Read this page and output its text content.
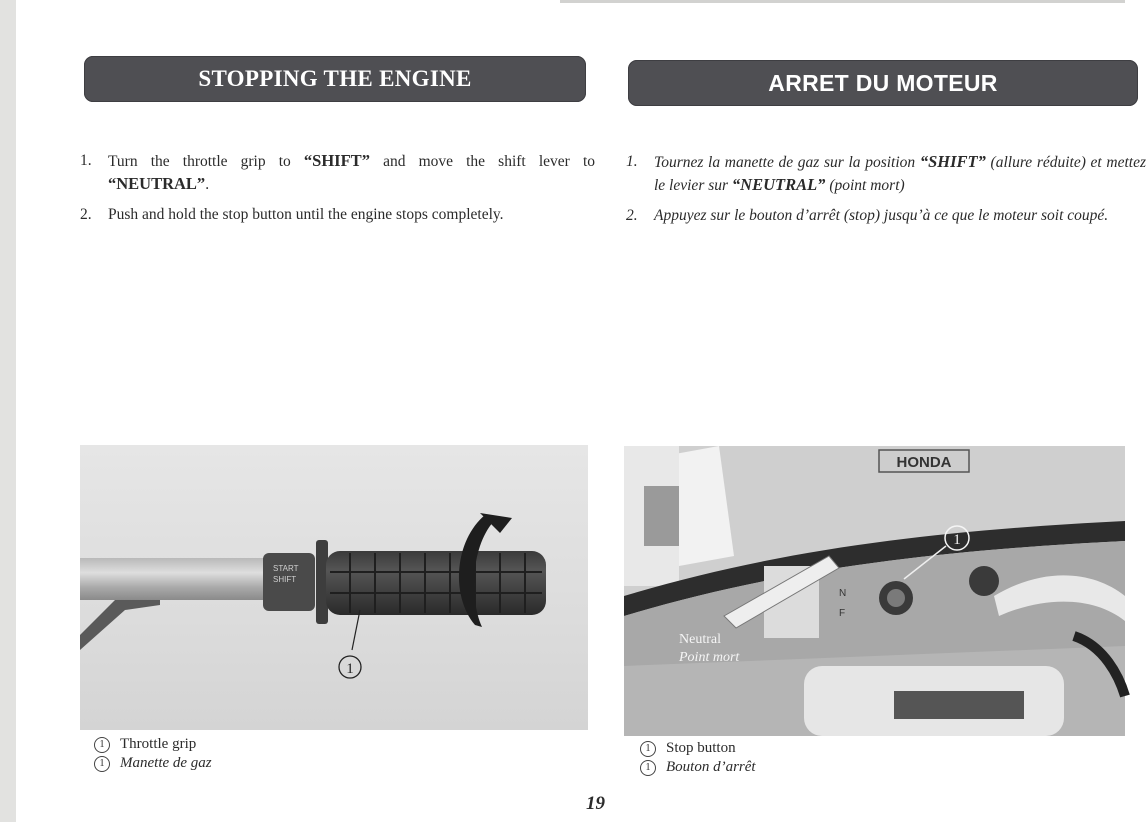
STOPPING THE ENGINE
1.	Turn the throttle grip to “SHIFT” and move the shift lever to “NEUTRAL”.
2.	Push and hold the stop button until the engine stops completely.
ARRET DU MOTEUR
1.	Tournez la manette de gaz sur la position “SHIFT” (allure réduite) et mettez le levier sur “NEUTRAL” (point mort)
2.	Appuyez sur le bouton d’arrêt (stop) jusqu’à ce que le moteur soit coupé.
START
SHIFT
1
HONDA
N
F
1
Neutral
Point mort
1	Throttle grip
1	Manette de gaz
1	Stop button
1	Bouton d’arrêt
19
